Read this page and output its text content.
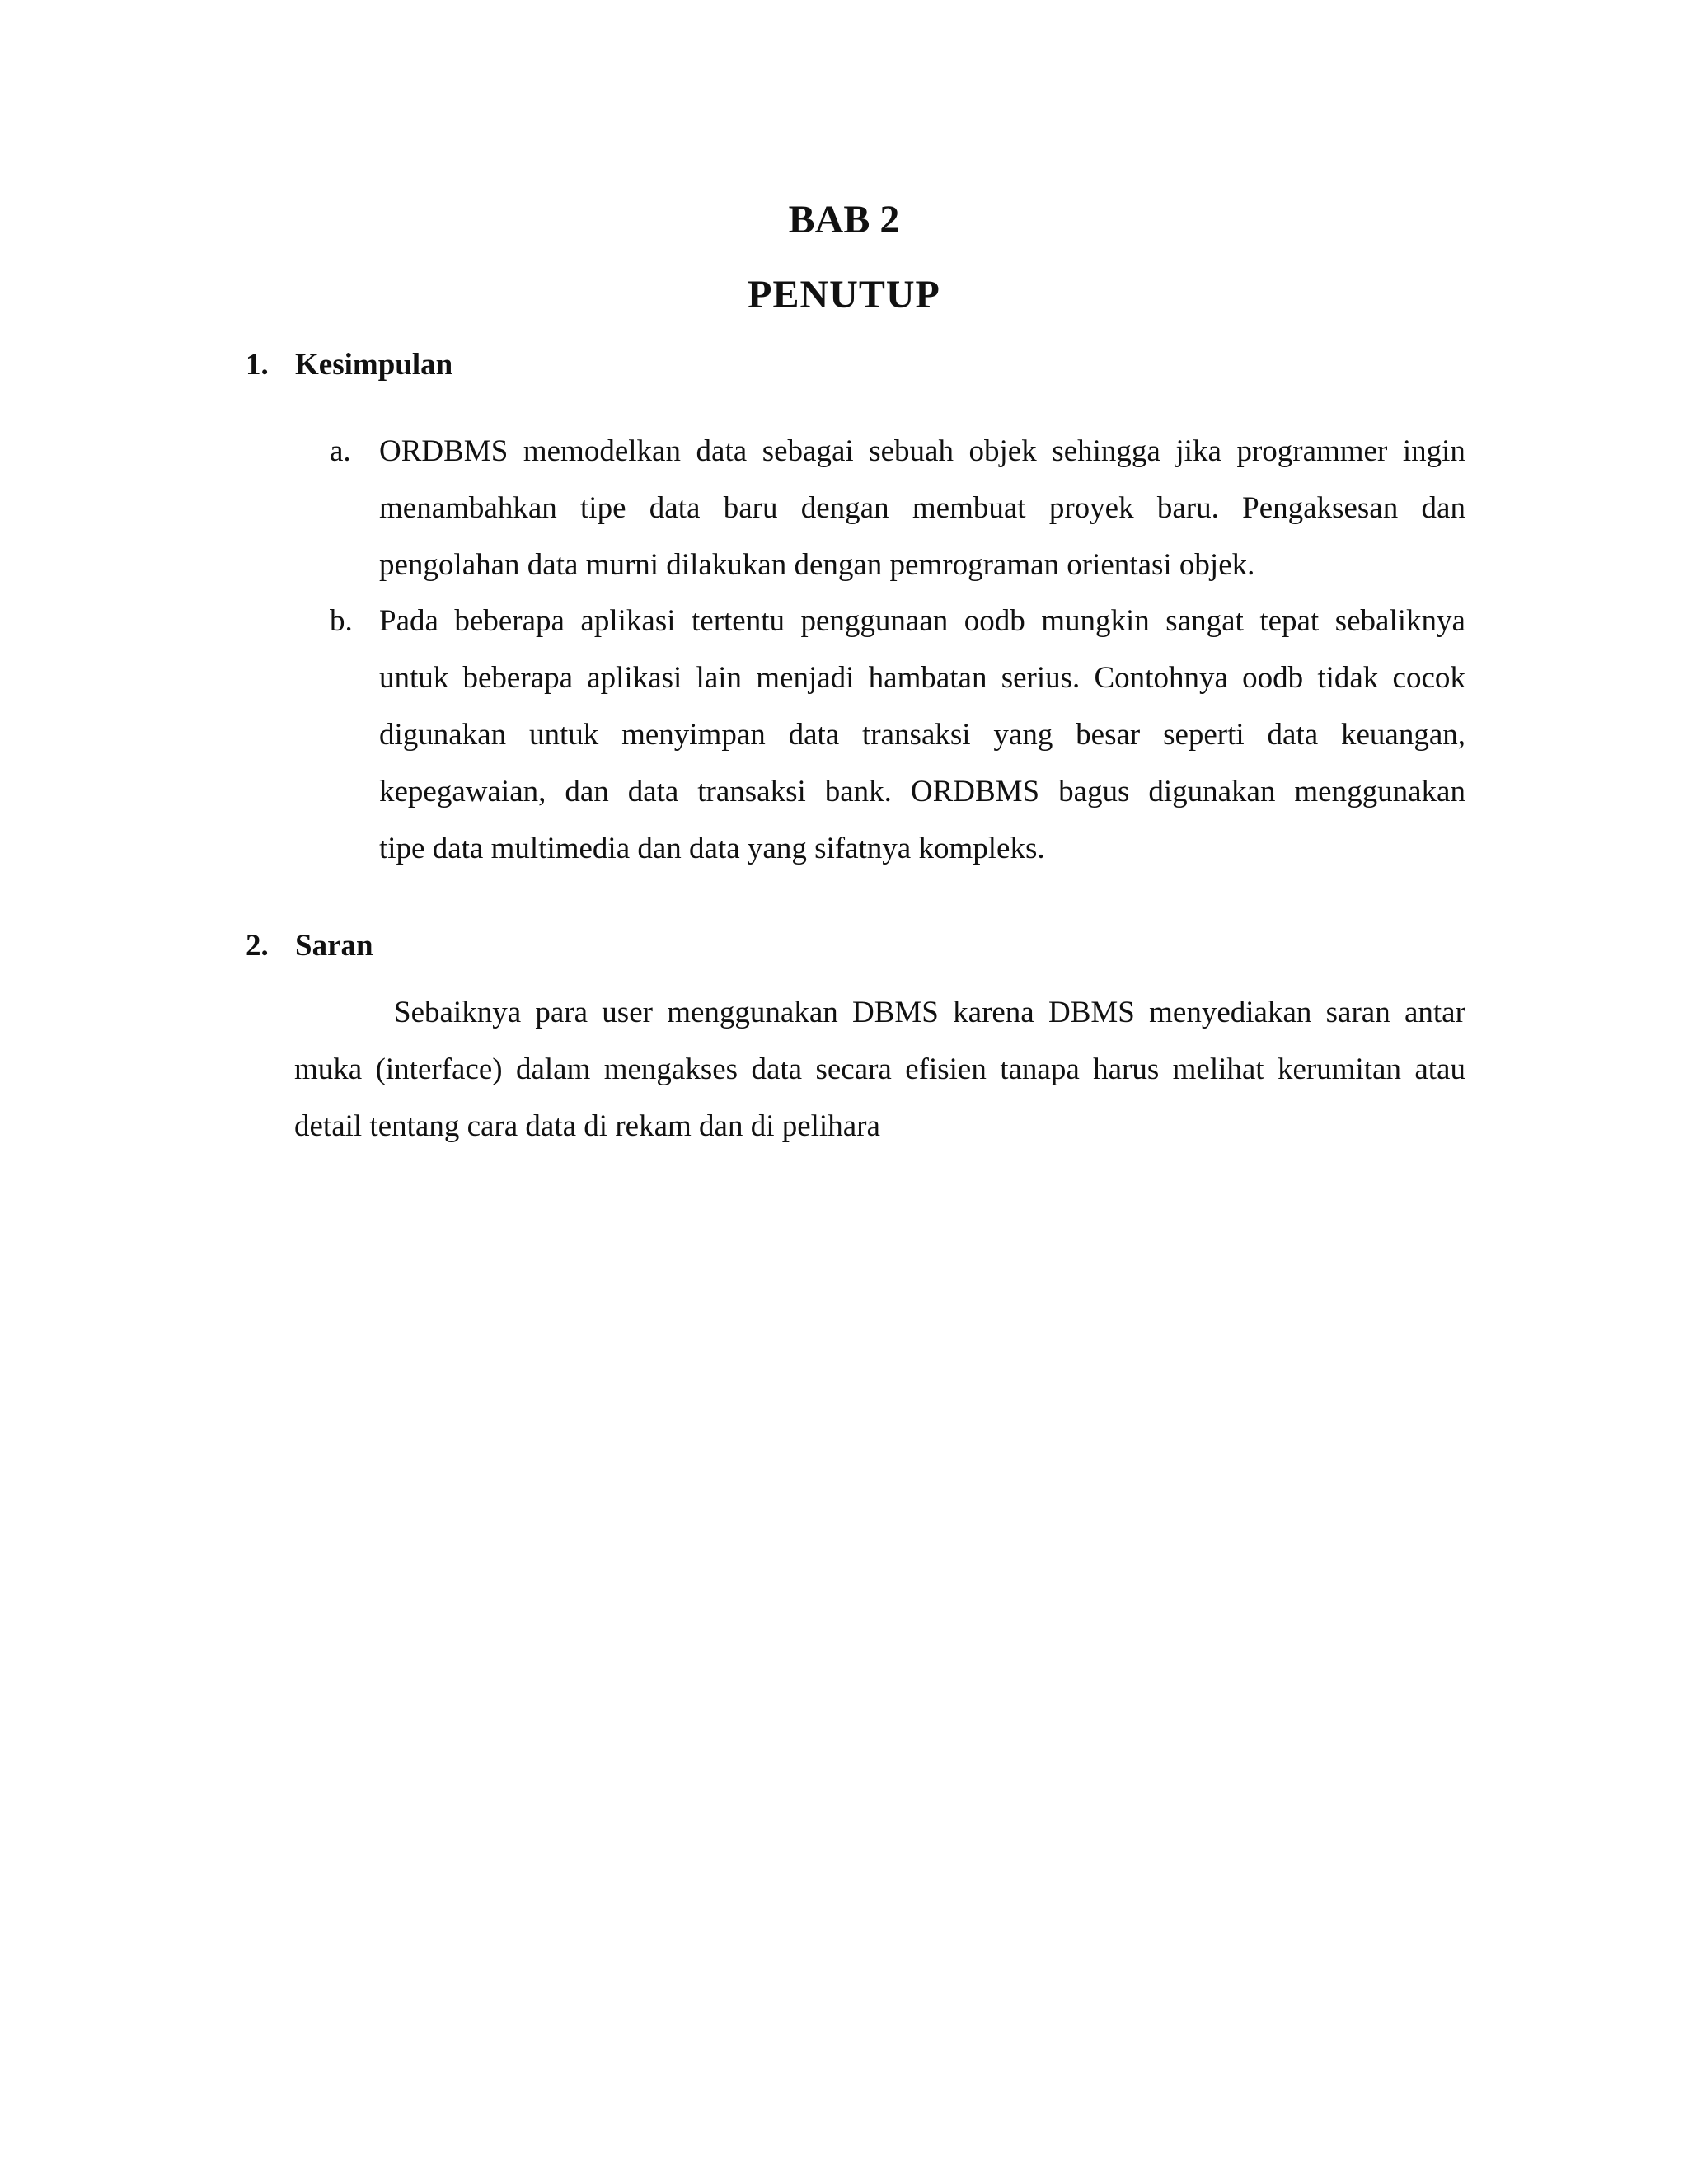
BAB 2
PENUTUP
1. Kesimpulan

a. ORDBMS memodelkan data sebagai sebuah objek sehingga jika programmer ingin

menambahkan tipe data baru dengan membuat proyek baru. Pengaksesan dan

pengolahan data murni dilakukan dengan pemrograman orientasi objek.

b. Pada beberapa aplikasi tertentu penggunaan oodb mungkin sangat tepat sebaliknya

untuk beberapa aplikasi lain menjadi hambatan serius. Contohnya oodb tidak cocok

digunakan untuk menyimpan data transaksi yang besar seperti data keuangan,

kepegawaian, dan data transaksi bank. ORDBMS bagus digunakan menggunakan

tipe data multimedia dan data yang sifatnya kompleks.

2. Saran

Sebaiknya para user menggunakan DBMS karena DBMS menyediakan saran antar

muka (interface) dalam mengakses data secara efisien tanapa harus melihat kerumitan atau

detail tentang cara data di rekam dan di pelihara
